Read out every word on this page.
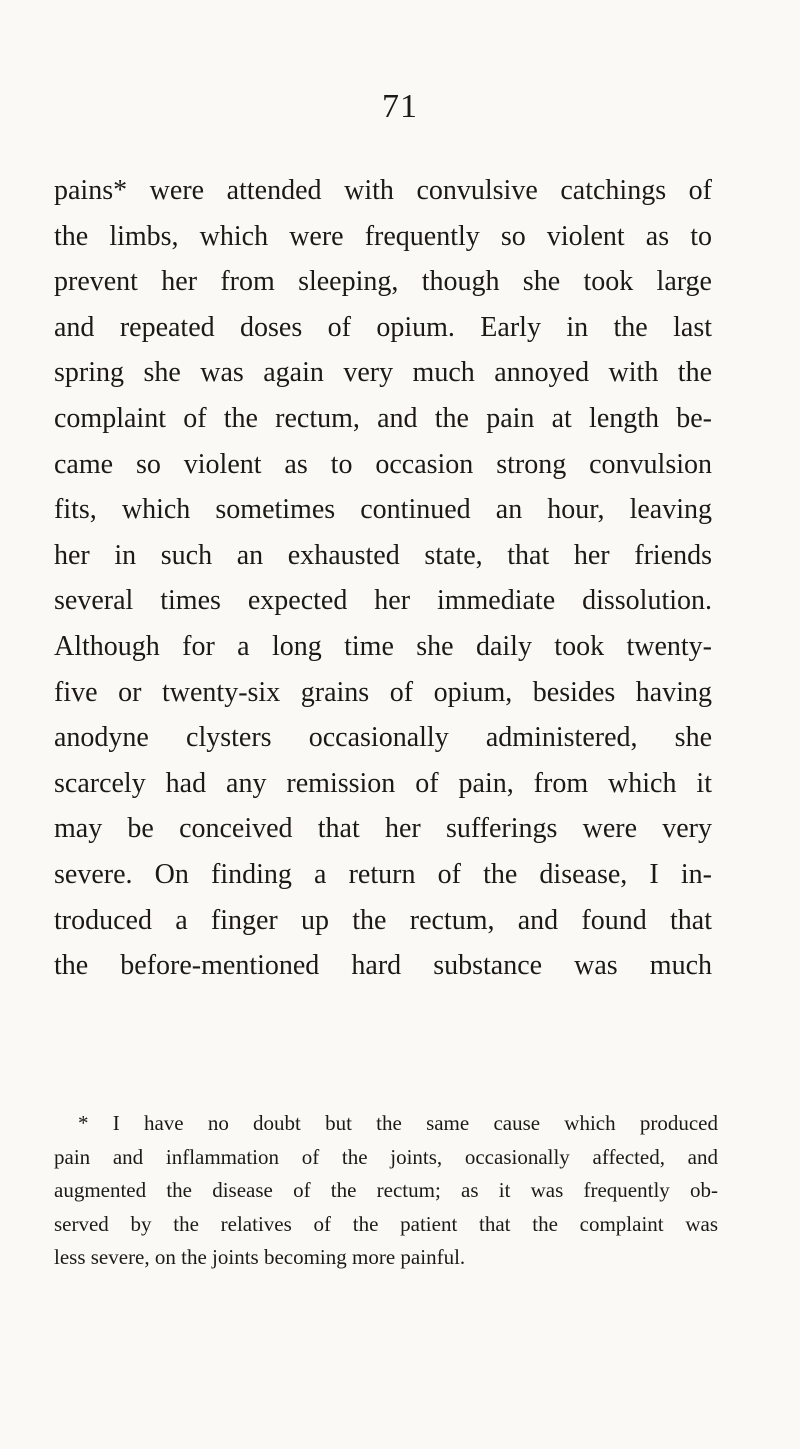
71
pains* were attended with convulsive catchings of
the limbs, which were frequently so violent as to
prevent her from sleeping, though she took large
and repeated doses of opium. Early in the last
spring she was again very much annoyed with the
complaint of the rectum, and the pain at length be-
came so violent as to occasion strong convulsion
fits, which sometimes continued an hour, leaving
her in such an exhausted state, that her friends
several times expected her immediate dissolution.
Although for a long time she daily took twenty-
five or twenty-six grains of opium, besides having
anodyne clysters occasionally administered, she
scarcely had any remission of pain, from which it
may be conceived that her sufferings were very
severe. On finding a return of the disease, I in-
troduced a finger up the rectum, and found that
the before-mentioned hard substance was much
* I have no doubt but the same cause which produced
pain and inflammation of the joints, occasionally affected, and
augmented the disease of the rectum; as it was frequently ob-
served by the relatives of the patient that the complaint was
less severe, on the joints becoming more painful.
